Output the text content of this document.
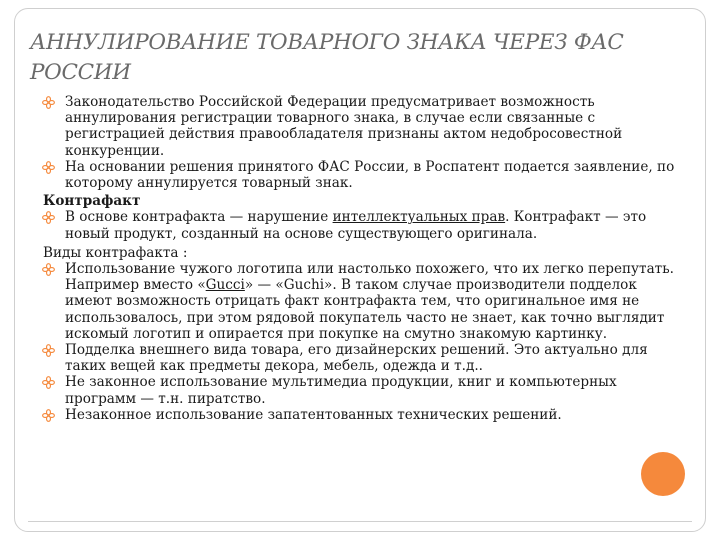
АННУЛИРОВАНИЕ ТОВАРНОГО ЗНАКА ЧЕРЕЗ ФАС РОССИИ

Законодательство Российской Федерации предусматривает возможность аннулирования регистрации товарного знака, в случае если связанные с регистрацией действия правообладателя признаны актом недобросовестной конкуренции.

На основании решения принятого ФАС России, в Роспатент подается заявление, по которому аннулируется товарный знак.

Контрафакт

В основе контрафакта — нарушение интеллектуальных прав. Контрафакт — это новый продукт, созданный на основе существующего оригинала.

Виды контрафакта :

Использование чужого логотипа или настолько похожего, что их легко перепутать. Например вместо «Gucci» — «Guchi». В таком случае производители подделок имеют возможность отрицать факт контрафакта тем, что оригинальное имя не использовалось, при этом рядовой покупатель часто не знает, как точно выглядит искомый логотип и опирается при покупке на смутно знакомую картинку.

Подделка внешнего вида товара, его дизайнерских решений. Это актуально для таких вещей как предметы декора, мебель, одежда и т.д..

Не законное использование мультимедиа продукции, книг и компьютерных программ — т.н. пиратство.

Незаконное использование запатентованных технических решений.
